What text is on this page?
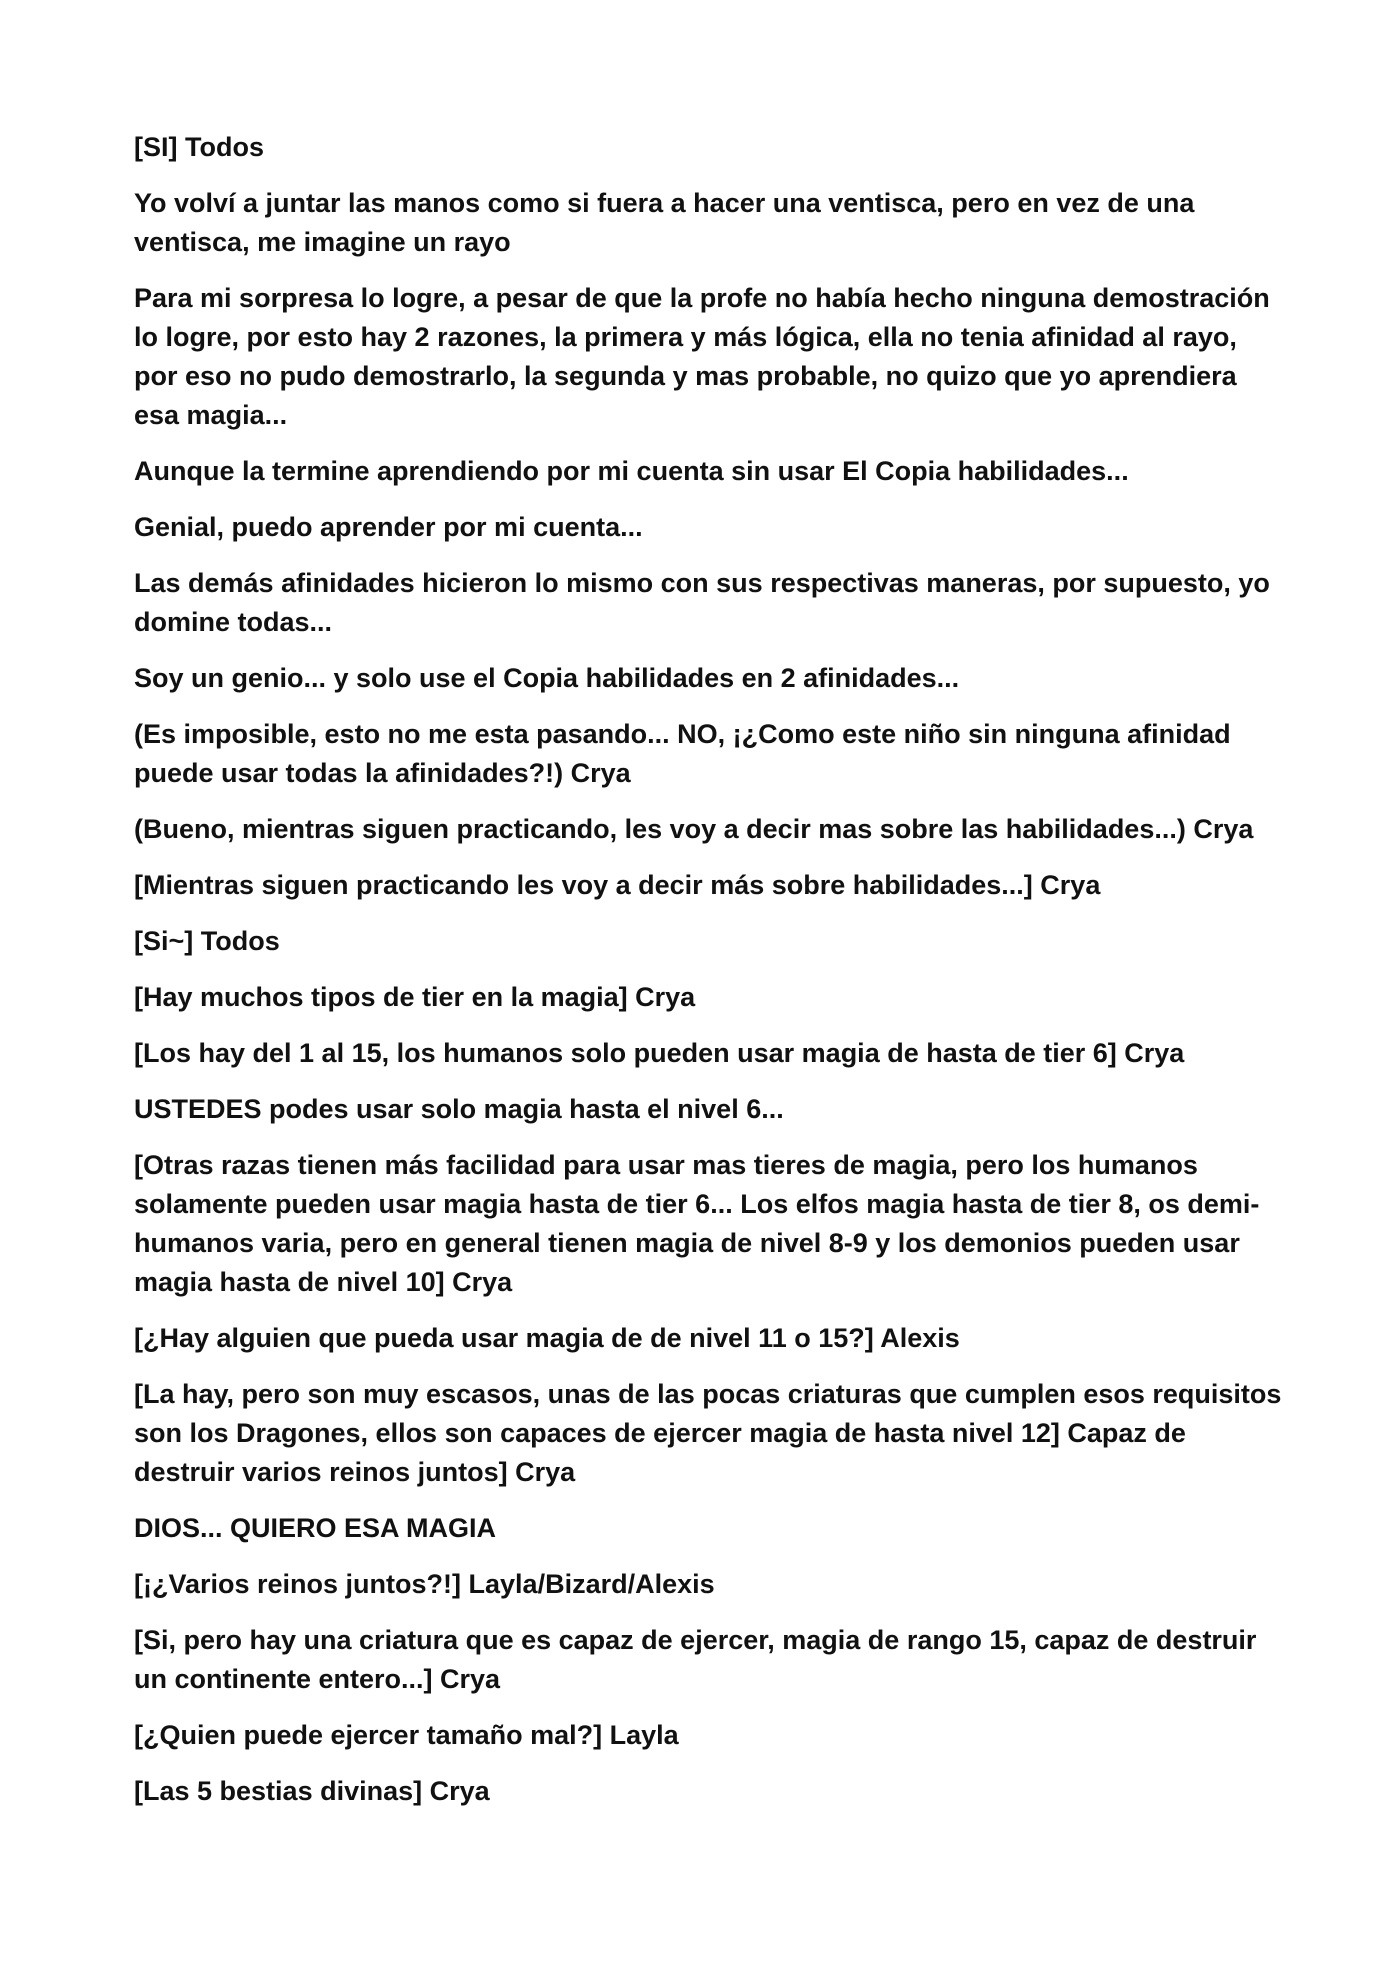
[SI] Todos

Yo volví a juntar las manos como si fuera a hacer una ventisca, pero en vez de una ventisca, me imagine un rayo

Para mi sorpresa lo logre, a pesar de que la profe no había hecho ninguna demostración lo logre, por esto hay 2 razones, la primera y más lógica, ella no tenia afinidad al rayo, por eso no pudo demostrarlo, la segunda y mas probable, no quizo que yo aprendiera esa magia...

Aunque la termine aprendiendo por mi cuenta sin usar El Copia habilidades...

Genial, puedo aprender por mi cuenta...

Las demás afinidades hicieron lo mismo con sus respectivas maneras, por supuesto, yo domine todas...

Soy un genio... y solo use el Copia habilidades en 2 afinidades...

(Es imposible, esto no me esta pasando... NO, ¡¿Como este niño sin ninguna afinidad puede usar todas la afinidades?!) Crya

(Bueno, mientras siguen practicando, les voy a decir mas sobre las habilidades...) Crya

[Mientras siguen practicando les voy a decir más sobre habilidades...] Crya

[Si~] Todos

[Hay muchos tipos de tier en la magia] Crya

[Los hay del 1 al 15, los humanos solo pueden usar magia de hasta de tier 6] Crya

USTEDES podes usar solo magia hasta el nivel 6...

[Otras razas tienen más facilidad para usar mas tieres de magia, pero los humanos solamente pueden usar magia hasta de tier 6... Los elfos magia hasta de tier 8, os demi-humanos varia, pero en general tienen magia de nivel 8-9 y los demonios pueden usar magia hasta de nivel 10] Crya

[¿Hay alguien que pueda usar magia de de nivel 11 o 15?] Alexis

[La hay, pero son muy escasos, unas de las pocas criaturas que cumplen esos requisitos son los Dragones, ellos son capaces de ejercer magia de hasta nivel 12] Capaz de destruir varios reinos juntos] Crya

DIOS... QUIERO ESA MAGIA

[¡¿Varios reinos juntos?!] Layla/Bizard/Alexis

[Si, pero hay una criatura que es capaz de ejercer, magia de rango 15, capaz de destruir un continente entero...] Crya

[¿Quien puede ejercer tamaño mal?] Layla

[Las 5 bestias divinas] Crya
